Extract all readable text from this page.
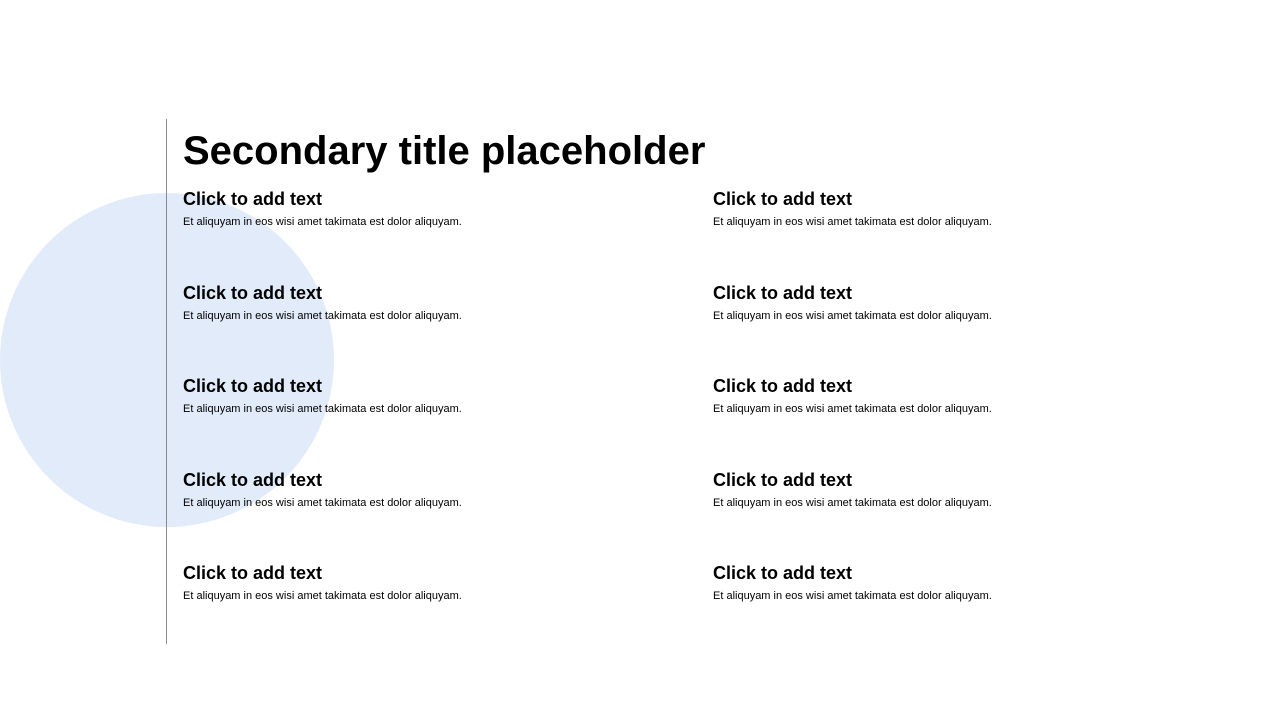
Secondary title placeholder
Click to add text
Et aliquyam in eos wisi amet takimata est dolor aliquyam.
Click to add text
Et aliquyam in eos wisi amet takimata est dolor aliquyam.
Click to add text
Et aliquyam in eos wisi amet takimata est dolor aliquyam.
Click to add text
Et aliquyam in eos wisi amet takimata est dolor aliquyam.
Click to add text
Et aliquyam in eos wisi amet takimata est dolor aliquyam.
Click to add text
Et aliquyam in eos wisi amet takimata est dolor aliquyam.
Click to add text
Et aliquyam in eos wisi amet takimata est dolor aliquyam.
Click to add text
Et aliquyam in eos wisi amet takimata est dolor aliquyam.
Click to add text
Et aliquyam in eos wisi amet takimata est dolor aliquyam.
Click to add text
Et aliquyam in eos wisi amet takimata est dolor aliquyam.
